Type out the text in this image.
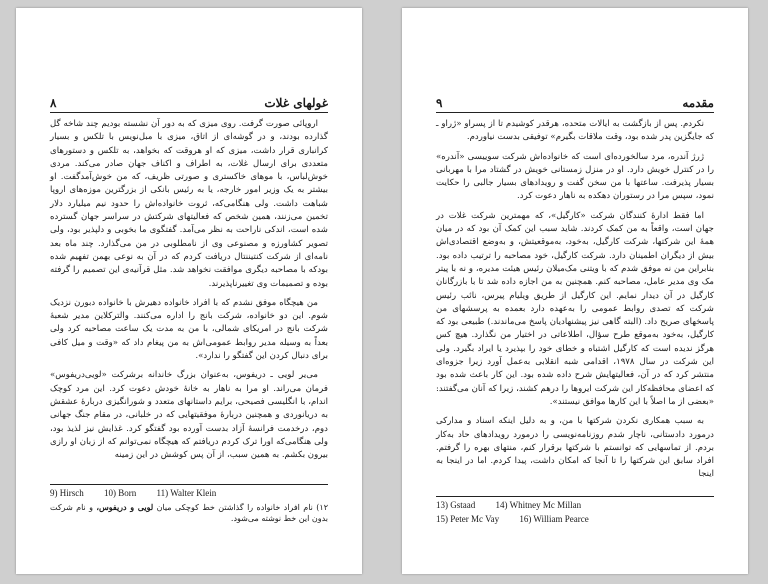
۸	غولهای غلات

اروپائی صورت گرفت. روی میزی که به دور آن نشسته بودیم چند شاخه گل گذارده بودند، و در گوشه‌ای از اتاق، میزی با مبل‌نویس با تلکس و بسیار کرانباری قرار داشت، میزی که او هروقت که بخواهد، به تلکس و دستورهای متعددی برای ارسال غلات، به اطراف و اکناف جهان صادر می‌کند. مردی خوش‌لباس، با موهای خاکستری و صورتی ظریف، که من خوش‌آمدگفت. او بیشتر به یک وزیر امور خارجه، یا به رئیس بانکی از بزرگترین موزه‌های اروپا شباهت داشت. ولی هنگامی‌که، ثروت خانواده‌اش را حدود نیم میلیارد دلار تخمین می‌زنند، همین شخص که فعالیتهای شرکتش در سراسر جهان گسترده شده است، اندکی ناراحت به نظر می‌آمد. گفتگوی ما بخوبی و دلپذیر بود، ولی تصویر کشاورزه و مصنوعی وی از نامطلوبی در من می‌گذارد. چند ماه بعد نامه‌ای از شرکت کنتیننتال دریافت کردم که در آن به نوعی بهمن تفهیم شده بودکه با مصاحبه دیگری موافقت نخواهد شد. مثل قرآنیه‌ی این تصمیم را گرفته بوده و تصمیمات وی تغییرناپذیرند.

من هیچگاه موفق نشدم که با افراد خانواده دهیرش با خانواده دبورن نزدیک شوم. این دو خانواده، شرکت بانج را اداره می‌کنند. والترکلاین مدیر شعبهٔ شرکت بانج در امریکای شمالی، با من به مدت یک ساعت مصاحبه کرد ولی بعداً به وسیله مدیر روابط عمومی‌اش به‌ من پیغام داد که «وقت و میل کافی برای دنبال کردن این گفتگو را ندارد».

می‌یر لویی ـ دریفوس، به‌عنوان بزرگ خاندانه برشرکت «لویی‌دریفوس» فرمان می‌راند. او مرا به ناهار به خانهٔ خودش دعوت کرد. این مرد کوچک اندام، با انگلیسی فصیحی، برایم داستانهای متعدد و شورانگیزی دربارهٔ عشقش به دریانوردی و همچنین دربارهٔ موفقیتهایی که در خلبانی، در مقام جنگ جهانی دوم، درخدمت فرانسهٔ آزاد بدست آورده بود گفتگو کرد. غذایش نیز لذیذ بود، ولی هنگامی‌که اورا ترک کردم دریافتم که هیچگاه نمی‌توانم که از زبان او رازی بیرون بکشم. به همین سبب، از آن پس کوشش در این زمینه

9) Hirsch 10) Born 11) Walter Klein
۱۲) نام افراد خانواده را گذاشتن خط کوچکی میان لویی و دریفوس، و نام شرکت بدون این خط نوشته می‌شود.
۹	مقدمه

نکردم. پس از بازگشت به ایالات متحده، هرقدر کوشیدم تا از پسراو «ژراو ـ که جایگزین پدر شده بود، وقت ملاقات بگیرم» توفیقی بدست نیاوردم.

ژرژ آندره، مرد سالخورده‌ای است که خانواده‌اش شرکت سوییسی «آندره» را در کنترل خویش دارد. او در منزل زمستانی خویش در گشتاد مرا با مهربانی بسیار پذیرفت. ساعتها با من سخن گفت و رویدادهای بسیار جالبی را حکایت نمود، سپس مرا در رستوران دهکده به ناهار دعوت کرد.

اما فقط ادارهٔ کنندگان شرکت «کارگیل»، که مهمترین شرکت غلات در جهان است، واقعاً به‌ من کمک کردند. شاید سبب این کمک آن بود که در میان همهٔ این شرکتها، شرکت کارگیل، به‌خود، به‌موقعیتش، و به‌وضع اقتصادی‌اش بیش از دیگران اطمینان دارد. شرکت کارگیل، خود مصاحبه را ترتیب داده بود. بنابراین من نه موفق شدم که با ویتنی مک‌میلان رئیس هیئت مدیره، و نه با پیتر مک وی مدیر عامل، مصاحبه کنم. همچنین به من اجازه داده شد تا با بازرگانان کارگیل در آن دیدار نمایم. این کارگیل از طریق ویلیام پیرس، نائب رئیس شرکت که تصدی روابط عمومی را به‌عهده دارد بعمده به پرسشهای من پاسخهای صریح داد. (البته گاهی نیز پیشنهادیان پاسخ می‌ماندند.) طبیعی بود که کارگیل، به‌خود به‌موقع طرح سؤال، اطلاعاتی در اختیار من نگذارد. هیچ کس هرگز ندیده است که کارگیل اشتباه و خطای خود را بپذیرد یا ایراد بگیرد. ولی این شرکت در سال ۱۹۷۸، اقدامی شبه انقلابی به‌عمل آورد زیرا جزوه‌ای منتشر کرد که در آن، فعالیتهایش شرح داده شده بود. این کار باعث شده بود که اعضای محافظه‌کار این شرکت ایروها را درهم کشند، زیرا که آنان می‌گفتند: «بعضی از ما اصلاً با این کارها موافق نیستند».

به سبب همکاری نکردن شرکتها با من، و به دلیل اینکه اسناد و مدارکی درمورد دادستانی، ناچار شدم روزنامه‌نویسی را درمورد رویدادهای حاد به‌کار بردم. از تماسهایی که توانستم با شرکتها برقرار کنم، منتهای بهره را گرفتم. افراد سابق این شرکتها را تا آنجا که امکان داشت، پیدا کردم. اما در اینجا به اینجا

13) Gstaad 14) Whitney Mc Millan
15) Peter Mc Vay 16) William Pearce
